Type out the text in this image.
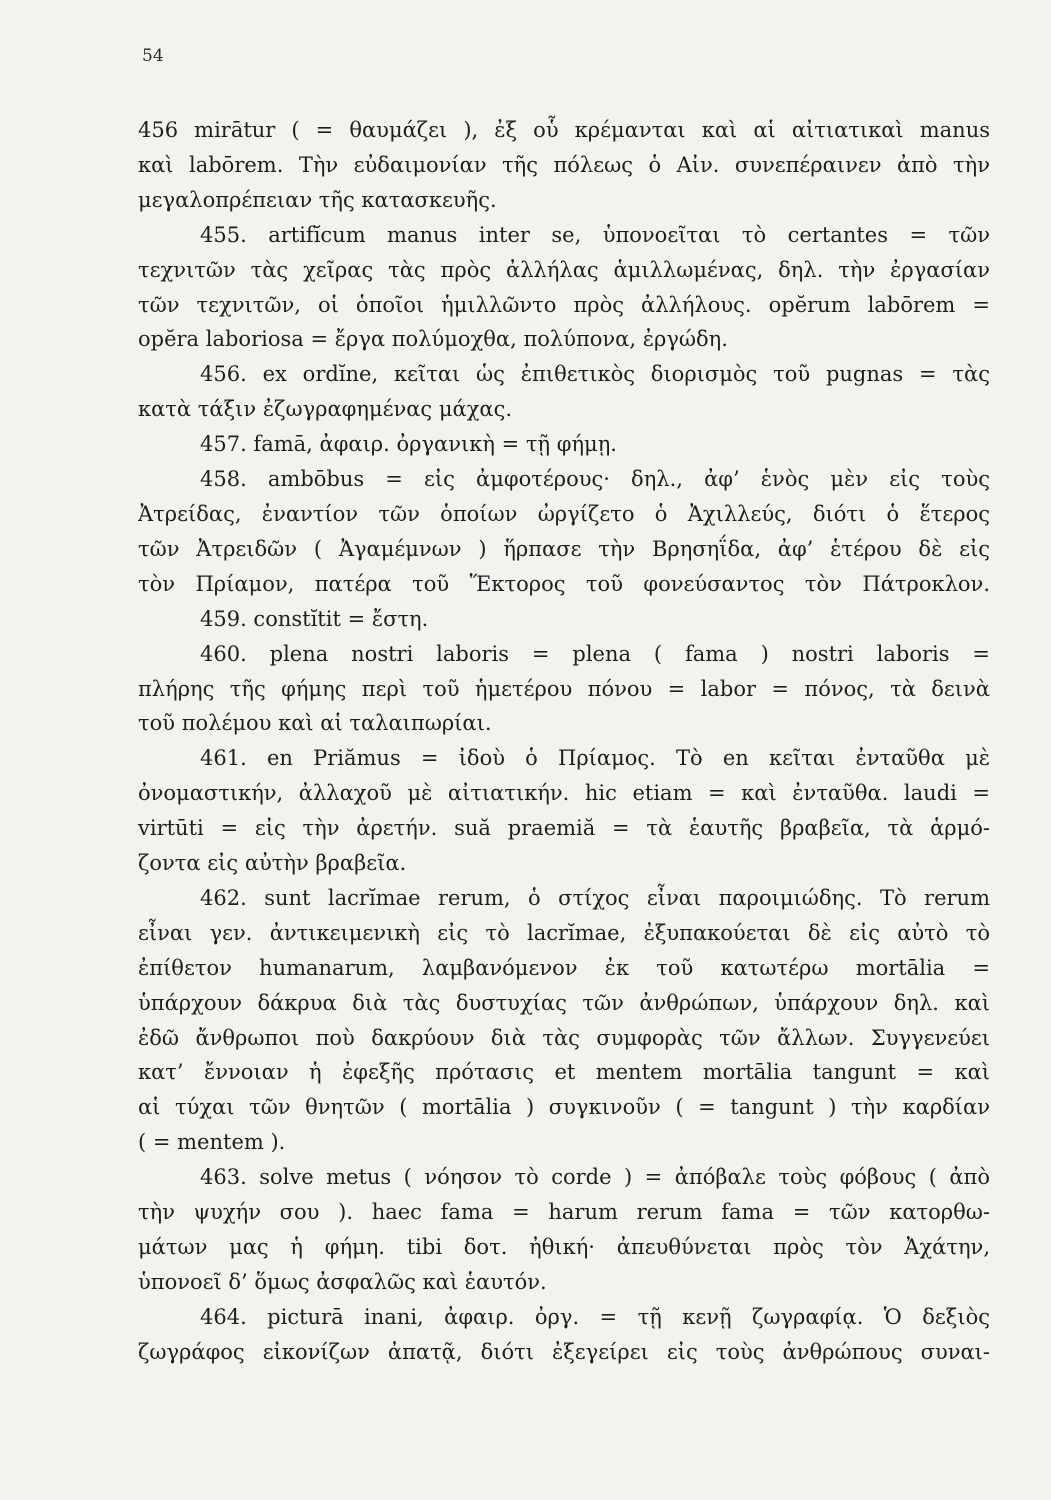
54
456 mirātur ( = θαυμάζει ), ἐξ οὗ κρέμανται καὶ αἱ αἰτιατικαὶ manus
καὶ labōrem. Τὴν εὐδαιμονίαν τῆς πόλεως ὁ Αἰν. συνεπέραινεν ἀπὸ τὴν
μεγαλοπρέπειαν τῆς κατασκευῆς.
455. artifĭcum manus inter se, ὑπονοεῖται τὸ certantes = τῶν
τεχνιτῶν τὰς χεῖρας τὰς πρὸς ἀλλήλας ἁμιλλωμένας, δηλ. τὴν ἐργασίαν
τῶν τεχνιτῶν, οἱ ὁποῖοι ἡμιλλῶντο πρὸς ἀλλήλους. opĕrum labōrem =
opĕra laboriosa = ἔργα πολύμοχθα, πολύπονα, ἐργώδη.
456. ex ordĭne, κεῖται ὡς ἐπιθετικὸς διορισμὸς τοῦ pugnas = τὰς
κατὰ τάξιν ἐζωγραφημένας μάχας.
457. famā, ἀφαιρ. ὀργανικὴ = τῇ φήμῃ.
458. ambōbus = εἰς ἀμφοτέρους· δηλ., ἀφ’ ἑνὸς μὲν εἰς τοὺς
Ἀτρείδας, ἐναντίον τῶν ὁποίων ὠργίζετο ὁ Ἀχιλλεύς, διότι ὁ ἕτερος
τῶν Ἀτρειδῶν ( Ἀγαμέμνων ) ἥρπασε τὴν Βρησηΐδα, ἀφ’ ἑτέρου δὲ εἰς
τὸν Πρίαμον, πατέρα τοῦ Ἕκτορος τοῦ φονεύσαντος τὸν Πάτροκλον.
459. constĭtit = ἔστη.
460. plena nostri laboris = plena ( fama ) nostri laboris =
πλήρης τῆς φήμης περὶ τοῦ ἡμετέρου πόνου = labor = πόνος, τὰ δεινὰ
τοῦ πολέμου καὶ αἱ ταλαιπωρίαι.
461. en Priămus = ἰδοὺ ὁ Πρίαμος. Τὸ en κεῖται ἐνταῦθα μὲ
ὀνομαστικήν, ἀλλαχοῦ μὲ αἰτιατικήν. hic etiam = καὶ ἐνταῦθα. laudi =
virtūti = εἰς τὴν ἀρετήν. suă praemiă = τὰ ἑαυτῆς βραβεῖα, τὰ ἁρμό-
ζοντα εἰς αὐτὴν βραβεῖα.
462. sunt lacrĭmae rerum, ὁ στίχος εἶναι παροιμιώδης. Τὸ rerum
εἶναι γεν. ἀντικειμενικὴ εἰς τὸ lacrĭmae, ἐξυπακούεται δὲ εἰς αὐτὸ τὸ
ἐπίθετον humanarum, λαμβανόμενον ἐκ τοῦ κατωτέρω mortālia =
ὑπάρχουν δάκρυα διὰ τὰς δυστυχίας τῶν ἀνθρώπων, ὑπάρχουν δηλ. καὶ
ἐδῶ ἄνθρωποι ποὺ δακρύουν διὰ τὰς συμφορὰς τῶν ἄλλων. Συγγενεύει
κατ’ ἔννοιαν ἡ ἐφεξῆς πρότασις et mentem mortālia tangunt = καὶ
αἱ τύχαι τῶν θνητῶν ( mortālia ) συγκινοῦν ( = tangunt ) τὴν καρδίαν
( = mentem ).
463. solve metus ( νόησον τὸ corde ) = ἀπόβαλε τοὺς φόβους ( ἀπὸ
τὴν ψυχήν σου ). haec fama = harum rerum fama = τῶν κατορθω-
μάτων μας ἡ φήμη. tibi δοτ. ἠθική· ἀπευθύνεται πρὸς τὸν Ἀχάτην,
ὑπονοεῖ δ’ ὅμως ἀσφαλῶς καὶ ἑαυτόν.
464. picturā inani, ἀφαιρ. ὀργ. = τῇ κενῇ ζωγραφίᾳ. Ὁ δεξιὸς
ζωγράφος εἰκονίζων ἀπατᾷ, διότι ἐξεγείρει εἰς τοὺς ἀνθρώπους συναι-
